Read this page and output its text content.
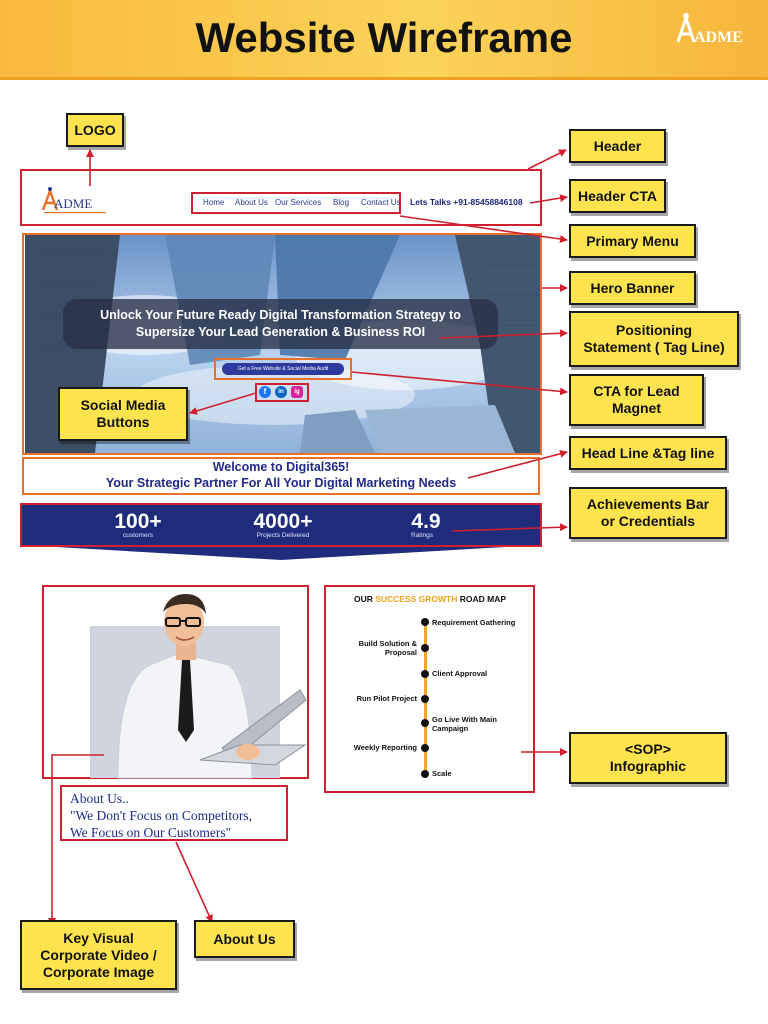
Website Wireframe	ADME
ADME	Home About Us Our Services Blog Contact Us Lets Talks +91-85458846108
Unlock Your Future Ready Digital Transformation Strategy to
Supersize Your Lead Generation & Business ROI
Get a Free Website & Social Media Audit
f	in	ig
Welcome to Digital365!
Your Strategic Partner For All Your Digital Marketing Needs
100+
customers
4000+
Projects Delivered
4.9
Ratings
About Us..
"We Don't Focus on Competitors,
We Focus on Our Customers"
OUR SUCCESS GROWTH ROAD MAP
Requirement Gathering
Build Solution &
Proposal
Client Approval
Run Pilot Project
Go Live With Main
Campaign
Weekly Reporting
Scale
LOGO
Header
Header CTA
Primary Menu
Hero Banner
Positioning
Statement ( Tag Line)
CTA for Lead
Magnet
Social Media
Buttons
Head Line &Tag line
Achievements Bar
or Credentials
<SOP>
Infographic
Key Visual
Corporate Video /
Corporate Image
About Us
